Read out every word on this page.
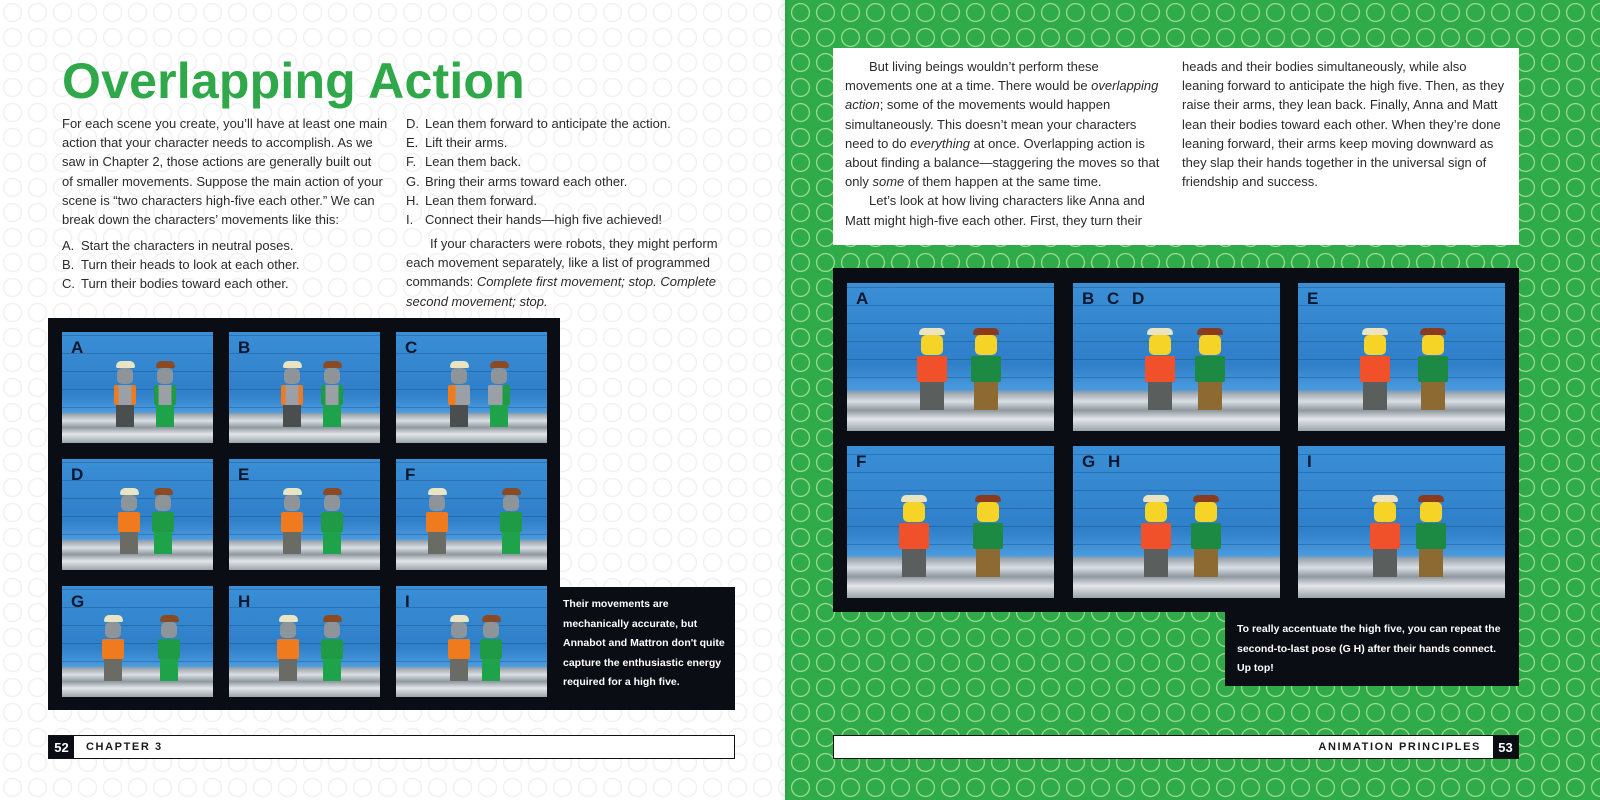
Overlapping Action

For each scene you create, you’ll have at least one main

action that your character needs to accomplish. As we

saw in Chapter 2, those actions are generally built out

of smaller movements. Suppose the main action of your

scene is “two characters high-five each other.” We can

break down the characters’ movements like this:

A. Start the characters in neutral poses.
B. Turn their heads to look at each other.
C. Turn their bodies toward each other.
D. Lean them forward to anticipate the action.
E. Lift their arms.
F. Lean them back.
G. Bring their arms toward each other.
H. Lean them forward.
I. Connect their hands—high five achieved!

If your characters were robots, they might perform each movement separately, like a list of programmed commands: Complete first movement; stop. Complete second movement; stop.

A	B	C
D	E	F
G	H	I	Their movements are mechanically accurate, but Annabot and Mattron don't quite capture the enthusiastic energy required for a high five.
52	CHAPTER 3

But living beings wouldn’t perform these movements one at a time. There would be overlapping action; some of the movements would happen simultaneously. This doesn’t mean your characters need to do everything at once. Overlapping action is about finding a balance—staggering the moves so that only some of them happen at the same time.

Let’s look at how living characters like Anna and Matt might high-five each other. First, they turn their

heads and their bodies simultaneously, while also leaning forward to anticipate the high five. Then, as they raise their arms, they lean back. Finally, Anna and Matt lean their bodies toward each other. When they’re done leaning forward, their arms keep moving downward as they slap their hands together in the universal sign of friendship and success.

A	B C D	E
F	G H	I
To really accentuate the high five, you can repeat the second-to-last pose (G H) after their hands connect. Up top!
ANIMATION PRINCIPLES	53
